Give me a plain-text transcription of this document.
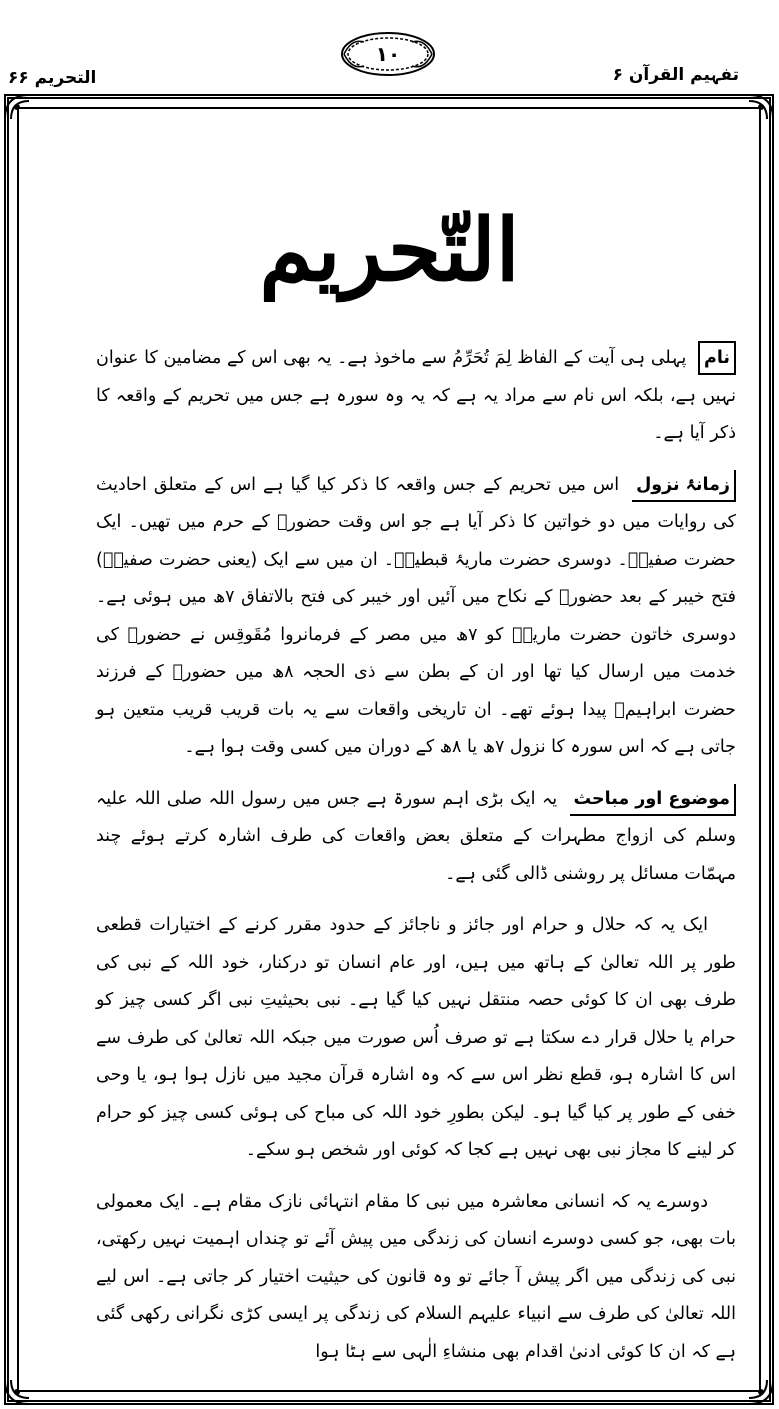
التحریم ۶۶	تفہیم القرآن ۶
۱۰
التّحریم

نام پہلی ہی آیت کے الفاظ لِمَ تُحَرِّمُ سے ماخوذ ہے۔ یہ بھی اس کے مضامین کا عنوان نہیں ہے، بلکہ اس نام سے مراد یہ ہے کہ یہ وہ سورہ ہے جس میں تحریم کے واقعہ کا ذکر آیا ہے۔

زمانۂ نزول اس میں تحریم کے جس واقعہ کا ذکر کیا گیا ہے اس کے متعلق احادیث کی روایات میں دو خواتین کا ذکر آیا ہے جو اس وقت حضورؐ کے حرم میں تھیں۔ ایک حضرت صفیہؓ۔ دوسری حضرت ماریۂ قبطیہؓ۔ ان میں سے ایک (یعنی حضرت صفیہؓ) فتح خیبر کے بعد حضورؐ کے نکاح میں آئیں اور خیبر کی فتح بالاتفاق ۷ھ میں ہوئی ہے۔ دوسری خاتون حضرت ماریہؓ کو ۷ھ میں مصر کے فرمانروا مُقَوقِس نے حضورؐ کی خدمت میں ارسال کیا تھا اور ان کے بطن سے ذی الحجہ ۸ھ میں حضورؐ کے فرزند حضرت ابراہیمؑ پیدا ہوئے تھے۔ ان تاریخی واقعات سے یہ بات قریب قریب متعین ہو جاتی ہے کہ اس سورہ کا نزول ۷ھ یا ۸ھ کے دوران میں کسی وقت ہوا ہے۔

موضوع اور مباحث یہ ایک بڑی اہم سورۃ ہے جس میں رسول اللہ صلی اللہ علیہ وسلم کی ازواج مطہرات کے متعلق بعض واقعات کی طرف اشارہ کرتے ہوئے چند مہمّات مسائل پر روشنی ڈالی گئی ہے۔

ایک یہ کہ حلال و حرام اور جائز و ناجائز کے حدود مقرر کرنے کے اختیارات قطعی طور پر اللہ تعالیٰ کے ہاتھ میں ہیں، اور عام انسان تو درکنار، خود اللہ کے نبی کی طرف بھی ان کا کوئی حصہ منتقل نہیں کیا گیا ہے۔ نبی بحیثیتِ نبی اگر کسی چیز کو حرام یا حلال قرار دے سکتا ہے تو صرف اُس صورت میں جبکہ اللہ تعالیٰ کی طرف سے اس کا اشارہ ہو، قطع نظر اس سے کہ وہ اشارہ قرآن مجید میں نازل ہوا ہو، یا وحی خفی کے طور پر کیا گیا ہو۔ لیکن بطورِ خود اللہ کی مباح کی ہوئی کسی چیز کو حرام کر لینے کا مجاز نبی بھی نہیں ہے کجا کہ کوئی اور شخص ہو سکے۔

دوسرے یہ کہ انسانی معاشرہ میں نبی کا مقام انتہائی نازک مقام ہے۔ ایک معمولی بات بھی، جو کسی دوسرے انسان کی زندگی میں پیش آئے تو چنداں اہمیت نہیں رکھتی، نبی کی زندگی میں اگر پیش آ جائے تو وہ قانون کی حیثیت اختیار کر جاتی ہے۔ اس لیے اللہ تعالیٰ کی طرف سے انبیاء علیہم السلام کی زندگی پر ایسی کڑی نگرانی رکھی گئی ہے کہ ان کا کوئی ادنیٰ اقدام بھی منشاءِ الٰہی سے ہٹا ہوا
